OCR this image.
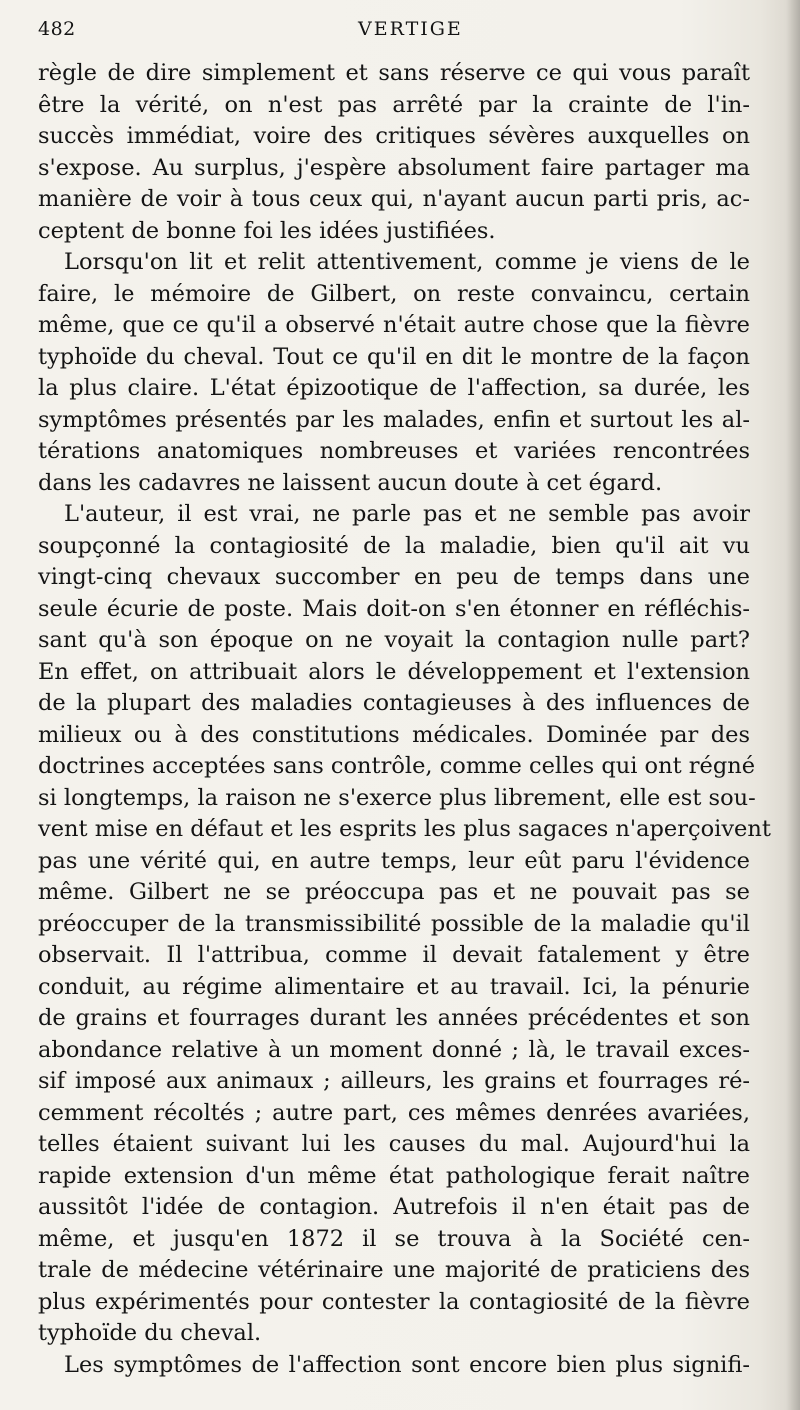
482	VERTIGE
règle de dire simplement et sans réserve ce qui vous paraît
être la vérité, on n'est pas arrêté par la crainte de l'in-
succès immédiat, voire des critiques sévères auxquelles on
s'expose. Au surplus, j'espère absolument faire partager ma
manière de voir à tous ceux qui, n'ayant aucun parti pris, ac-
ceptent de bonne foi les idées justifiées.
Lorsqu'on lit et relit attentivement, comme je viens de le
faire, le mémoire de Gilbert, on reste convaincu, certain
même, que ce qu'il a observé n'était autre chose que la fièvre
typhoïde du cheval. Tout ce qu'il en dit le montre de la façon
la plus claire. L'état épizootique de l'affection, sa durée, les
symptômes présentés par les malades, enfin et surtout les al-
térations anatomiques nombreuses et variées rencontrées
dans les cadavres ne laissent aucun doute à cet égard.
L'auteur, il est vrai, ne parle pas et ne semble pas avoir
soupçonné la contagiosité de la maladie, bien qu'il ait vu
vingt-cinq chevaux succomber en peu de temps dans une
seule écurie de poste. Mais doit-on s'en étonner en réfléchis-
sant qu'à son époque on ne voyait la contagion nulle part?
En effet, on attribuait alors le développement et l'extension
de la plupart des maladies contagieuses à des influences de
milieux ou à des constitutions médicales. Dominée par des
doctrines acceptées sans contrôle, comme celles qui ont régné
si longtemps, la raison ne s'exerce plus librement, elle est sou-
vent mise en défaut et les esprits les plus sagaces n'aperçoivent
pas une vérité qui, en autre temps, leur eût paru l'évidence
même. Gilbert ne se préoccupa pas et ne pouvait pas se
préoccuper de la transmissibilité possible de la maladie qu'il
observait. Il l'attribua, comme il devait fatalement y être
conduit, au régime alimentaire et au travail. Ici, la pénurie
de grains et fourrages durant les années précédentes et son
abondance relative à un moment donné ; là, le travail exces-
sif imposé aux animaux ; ailleurs, les grains et fourrages ré-
cemment récoltés ; autre part, ces mêmes denrées avariées,
telles étaient suivant lui les causes du mal. Aujourd'hui la
rapide extension d'un même état pathologique ferait naître
aussitôt l'idée de contagion. Autrefois il n'en était pas de
même, et jusqu'en 1872 il se trouva à la Société cen-
trale de médecine vétérinaire une majorité de praticiens des
plus expérimentés pour contester la contagiosité de la fièvre
typhoïde du cheval.
Les symptômes de l'affection sont encore bien plus signifi-
